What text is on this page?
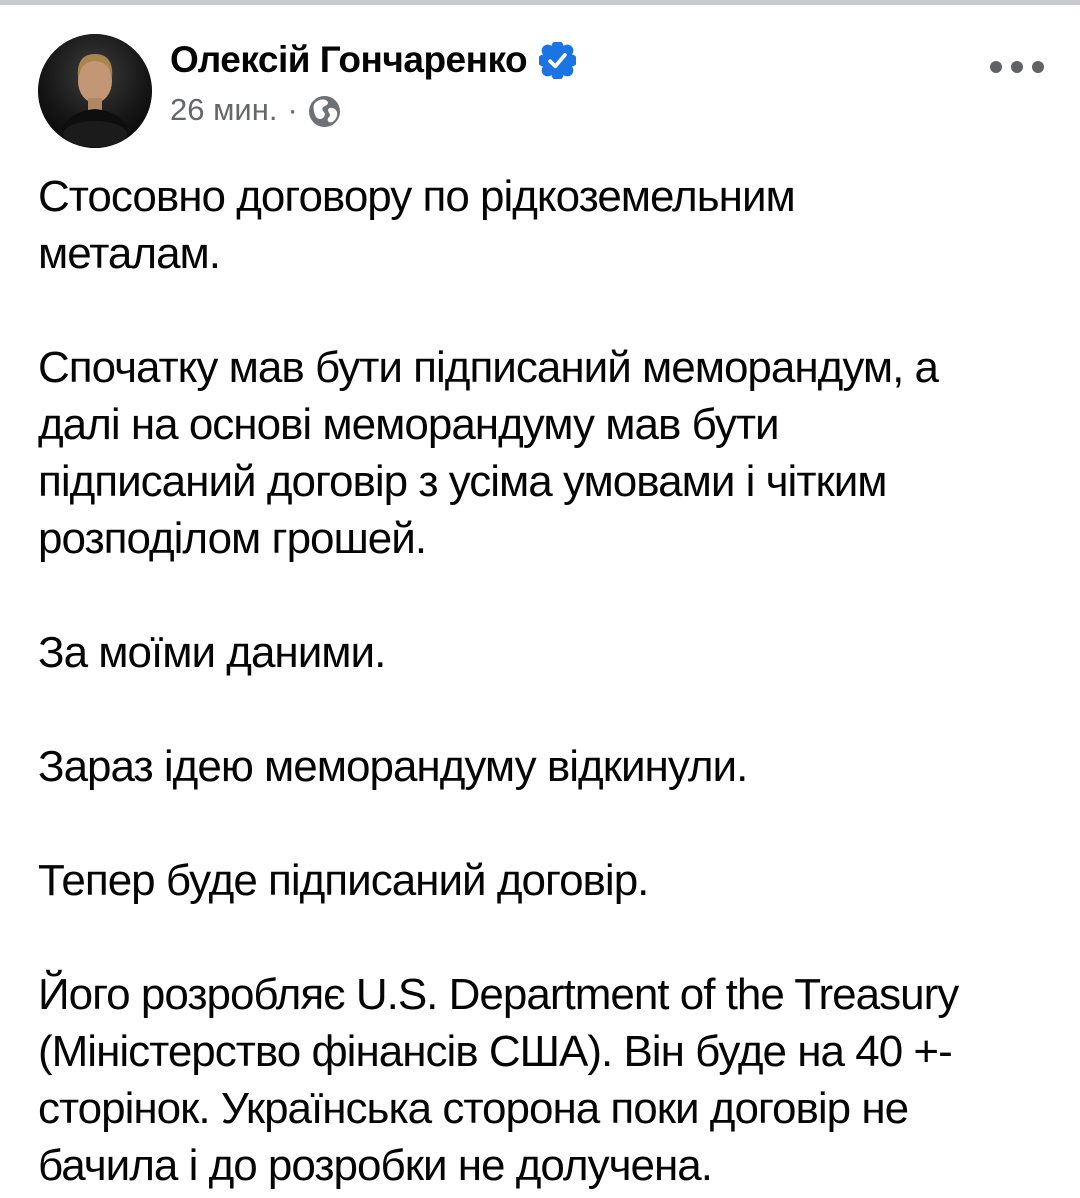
Олексій Гончаренко
26 мин. ·
Стосовно договору по рідкоземельним
металам.
Спочатку мав бути підписаний меморандум, а
далі на основі меморандуму мав бути
підписаний договір з усіма умовами і чітким
розподілом грошей.
За моїми даними.
Зараз ідею меморандуму відкинули.
Тепер буде підписаний договір.
Його розробляє U.S. Department of the Treasury
(Міністерство фінансів США). Він буде на 40 +-
сторінок. Українська сторона поки договір не
бачила і до розробки не долучена.
